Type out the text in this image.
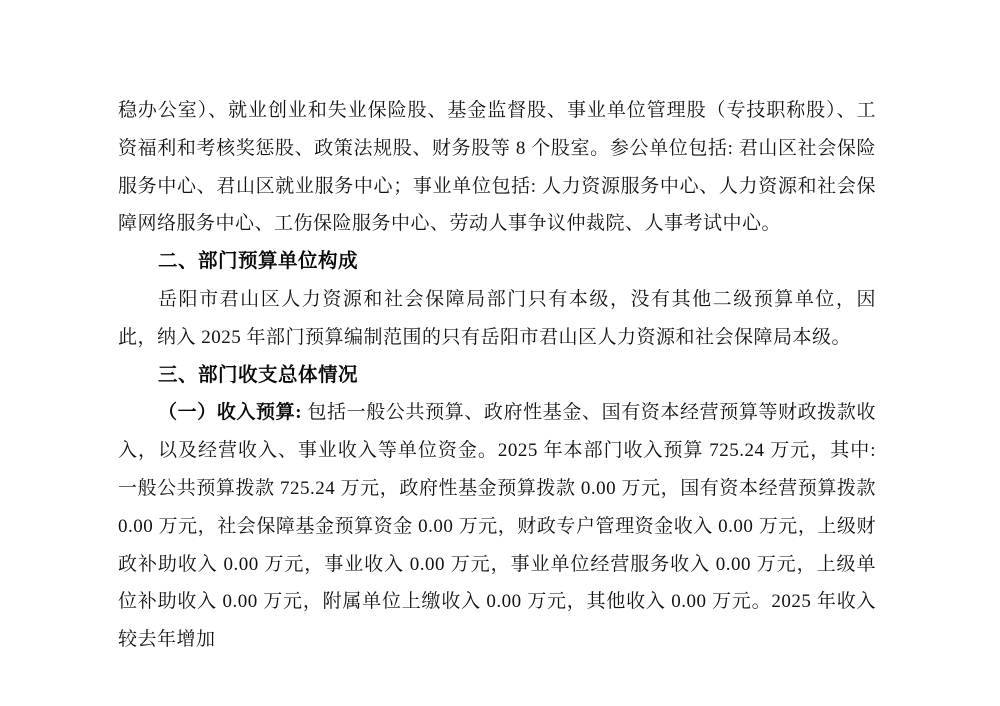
稳办公室）、就业创业和失业保险股、基金监督股、事业单位管理股（专技职称股）、工资福利和考核奖惩股、政策法规股、财务股等 8 个股室。参公单位包括: 君山区社会保险服务中心、君山区就业服务中心；事业单位包括: 人力资源服务中心、人力资源和社会保障网络服务中心、工伤保险服务中心、劳动人事争议仲裁院、人事考试中心。

二、部门预算单位构成

岳阳市君山区人力资源和社会保障局部门只有本级，没有其他二级预算单位，因此，纳入 2025 年部门预算编制范围的只有岳阳市君山区人力资源和社会保障局本级。

三、部门收支总体情况

（一）收入预算: 包括一般公共预算、政府性基金、国有资本经营预算等财政拨款收入，以及经营收入、事业收入等单位资金。2025 年本部门收入预算 725.24 万元，其中: 一般公共预算拨款 725.24 万元，政府性基金预算拨款 0.00 万元，国有资本经营预算拨款 0.00 万元，社会保障基金预算资金 0.00 万元，财政专户管理资金收入 0.00 万元，上级财政补助收入 0.00 万元，事业收入 0.00 万元，事业单位经营服务收入 0.00 万元，上级单位补助收入 0.00 万元，附属单位上缴收入 0.00 万元，其他收入 0.00 万元。2025 年收入较去年增加
